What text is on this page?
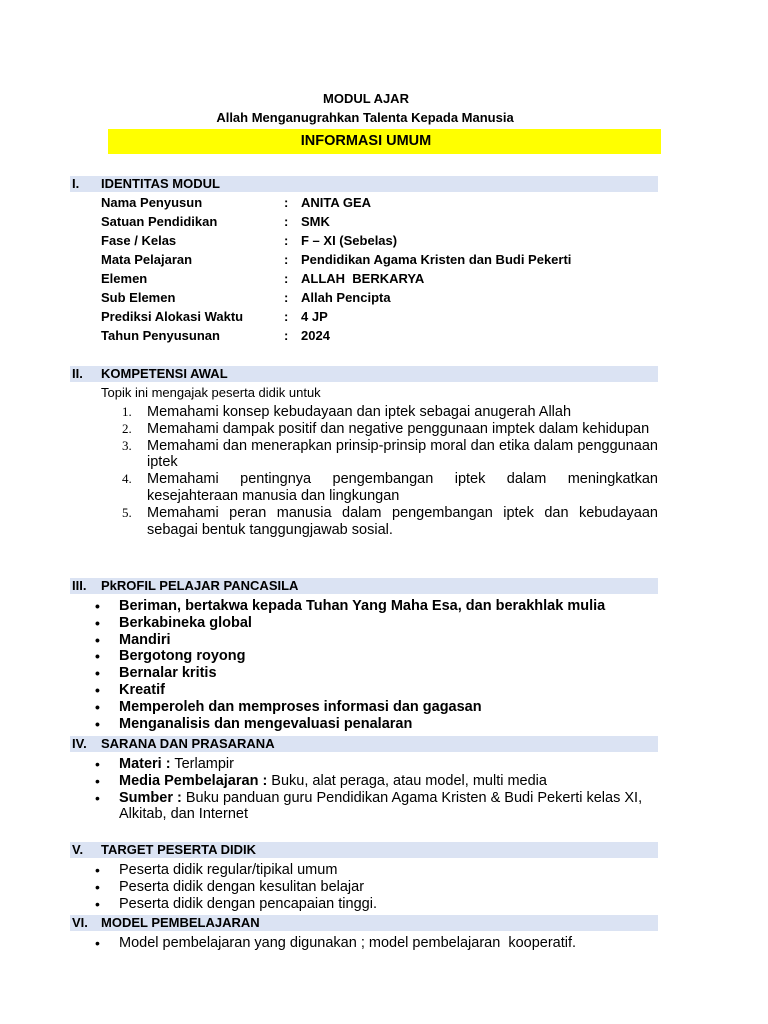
MODUL AJAR
Allah Menganugrahkan Talenta Kepada Manusia
INFORMASI UMUM
I. IDENTITAS MODUL
Nama Penyusun	: ANITA GEA
Satuan Pendidikan	: SMK
Fase / Kelas	: F – XI (Sebelas)
Mata Pelajaran	: Pendidikan Agama Kristen dan Budi Pekerti
Elemen	: ALLAH  BERKARYA
Sub Elemen	: Allah Pencipta
Prediksi Alokasi Waktu	: 4 JP
Tahun Penyusunan	: 2024
II. KOMPETENSI AWAL
Topik ini mengajak peserta didik untuk
1. Memahami konsep kebudayaan dan iptek sebagai anugerah Allah
2. Memahami dampak positif dan negative penggunaan imptek dalam kehidupan
3. Memahami dan menerapkan prinsip-prinsip moral dan etika dalam penggunaan iptek
4. Memahami pentingnya pengembangan iptek dalam meningkatkan kesejahteraan manusia dan lingkungan
5. Memahami peran manusia dalam pengembangan iptek dan kebudayaan sebagai bentuk tanggungjawab sosial.
III. PkROFIL PELAJAR PANCASILA
• Beriman, bertakwa kepada Tuhan Yang Maha Esa, dan berakhlak mulia
• Berkabineka global
• Mandiri
• Bergotong royong
• Bernalar kritis
• Kreatif
• Memperoleh dan memproses informasi dan gagasan
• Menganalisis dan mengevaluasi penalaran
IV. SARANA DAN PRASARANA
• Materi : Terlampir
• Media Pembelajaran : Buku, alat peraga, atau model, multi media
• Sumber : Buku panduan guru Pendidikan Agama Kristen & Budi Pekerti kelas XI, Alkitab, dan Internet
V. TARGET PESERTA DIDIK
• Peserta didik regular/tipikal umum
• Peserta didik dengan kesulitan belajar
• Peserta didik dengan pencapaian tinggi.
VI. MODEL PEMBELAJARAN
• Model pembelajaran yang digunakan ; model pembelajaran  kooperatif.
